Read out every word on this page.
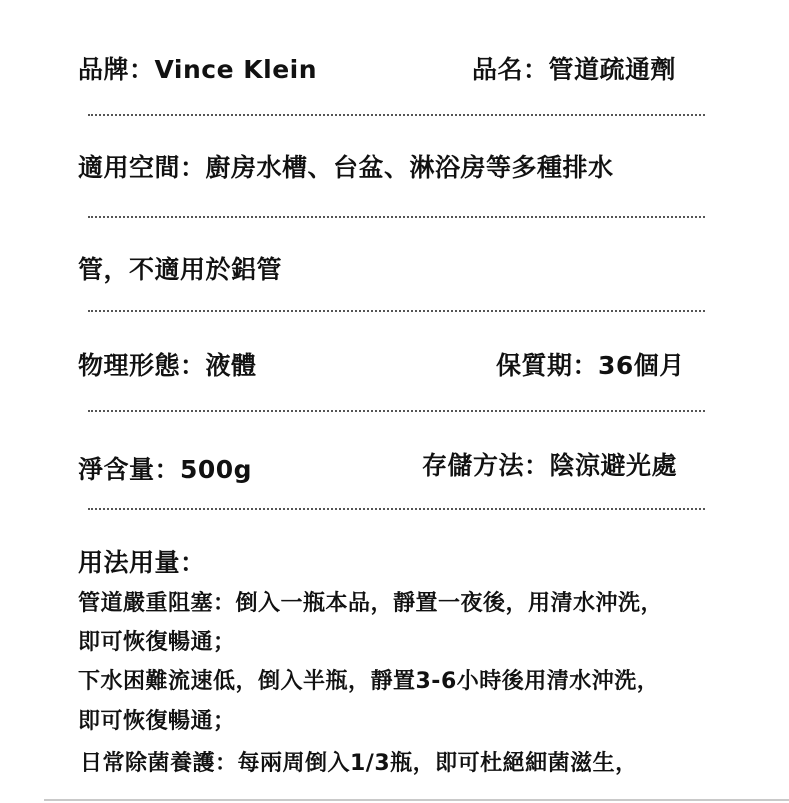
品牌：Vince Klein	品名：管道疏通劑
適用空間：廚房水槽、台盆、淋浴房等多種排水
管，不適用於鋁管
物理形態：液體	保質期：36個月
淨含量：500g	存儲方法：陰涼避光處
用法用量：
管道嚴重阻塞：倒入一瓶本品，靜置一夜後，用清水沖洗，
即可恢復暢通；
下水困難流速低，倒入半瓶，靜置3-6小時後用清水沖洗，
即可恢復暢通；
日常除菌養護：每兩周倒入1/3瓶，即可杜絕細菌滋生，
